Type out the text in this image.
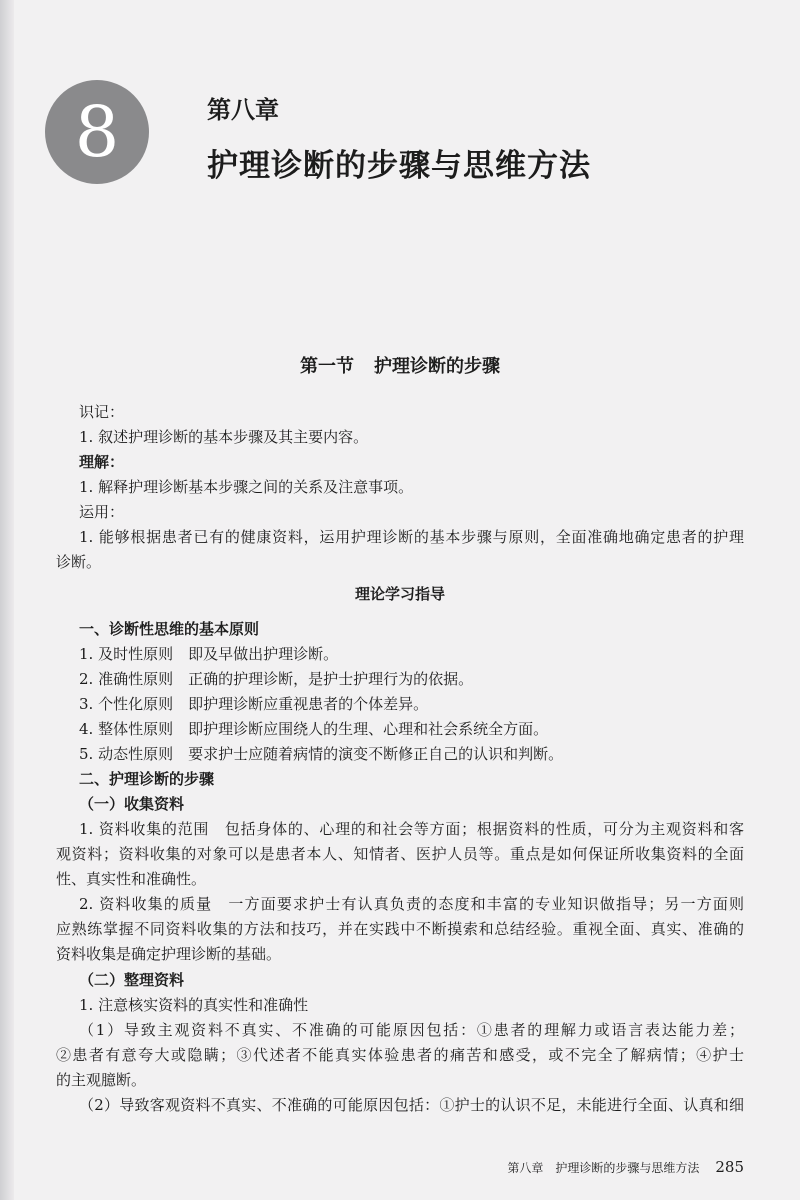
8	第八章
护理诊断的步骤与思维方法
第一节 护理诊断的步骤
识记：
1. 叙述护理诊断的基本步骤及其主要内容。
理解：
1. 解释护理诊断基本步骤之间的关系及注意事项。
运用：
1. 能够根据患者已有的健康资料，运用护理诊断的基本步骤与原则，全面准确地确定患者的护理
诊断。
理论学习指导
一、诊断性思维的基本原则
1. 及时性原则　即及早做出护理诊断。
2. 准确性原则　正确的护理诊断，是护士护理行为的依据。
3. 个性化原则　即护理诊断应重视患者的个体差异。
4. 整体性原则　即护理诊断应围绕人的生理、心理和社会系统全方面。
5. 动态性原则　要求护士应随着病情的演变不断修正自己的认识和判断。
二、护理诊断的步骤
（一）收集资料
1. 资料收集的范围　包括身体的、心理的和社会等方面；根据资料的性质，可分为主观资料和客
观资料；资料收集的对象可以是患者本人、知情者、医护人员等。重点是如何保证所收集资料的全面
性、真实性和准确性。
2. 资料收集的质量　一方面要求护士有认真负责的态度和丰富的专业知识做指导；另一方面则
应熟练掌握不同资料收集的方法和技巧，并在实践中不断摸索和总结经验。重视全面、真实、准确的
资料收集是确定护理诊断的基础。
（二）整理资料
1. 注意核实资料的真实性和准确性
（1）导致主观资料不真实、不准确的可能原因包括：①患者的理解力或语言表达能力差；
②患者有意夸大或隐瞒；③代述者不能真实体验患者的痛苦和感受，或不完全了解病情；④护士
的主观臆断。
（2）导致客观资料不真实、不准确的可能原因包括：①护士的认识不足，未能进行全面、认真和细
第八章　护理诊断的步骤与思维方法 285
